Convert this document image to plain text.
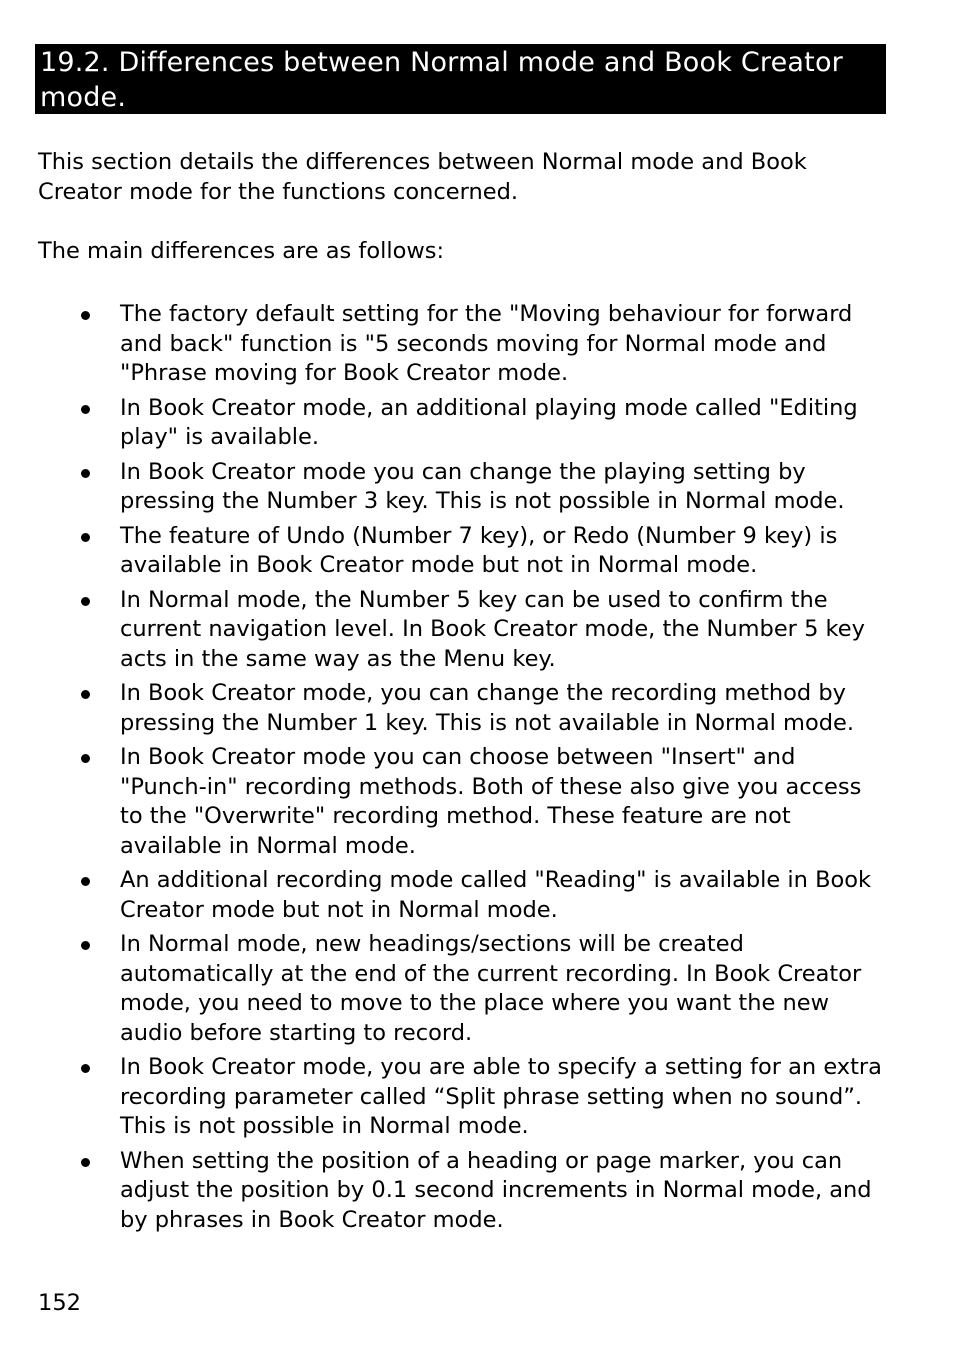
19.2. Differences between Normal mode and Book Creator mode.

This section details the differences between Normal mode and Book Creator mode for the functions concerned.

The main differences are as follows:

The factory default setting for the "Moving behaviour for forward and back" function is "5 seconds moving for Normal mode and "Phrase moving for Book Creator mode.
In Book Creator mode, an additional playing mode called "Editing play" is available.
In Book Creator mode you can change the playing setting by pressing the Number 3 key. This is not possible in Normal mode.
The feature of Undo (Number 7 key), or Redo (Number 9 key) is available in Book Creator mode but not in Normal mode.
In Normal mode, the Number 5 key can be used to confirm the current navigation level. In Book Creator mode, the Number 5 key acts in the same way as the Menu key.
In Book Creator mode, you can change the recording method by pressing the Number 1 key. This is not available in Normal mode.
In Book Creator mode you can choose between "Insert" and "Punch-in" recording methods. Both of these also give you access to the "Overwrite" recording method. These feature are not available in Normal mode.
An additional recording mode called "Reading" is available in Book Creator mode but not in Normal mode.
In Normal mode, new headings/sections will be created automatically at the end of the current recording. In Book Creator mode, you need to move to the place where you want the new audio before starting to record.
In Book Creator mode, you are able to specify a setting for an extra recording parameter called “Split phrase setting when no sound”. This is not possible in Normal mode.
When setting the position of a heading or page marker, you can adjust the position by 0.1 second increments in Normal mode, and by phrases in Book Creator mode.
152
